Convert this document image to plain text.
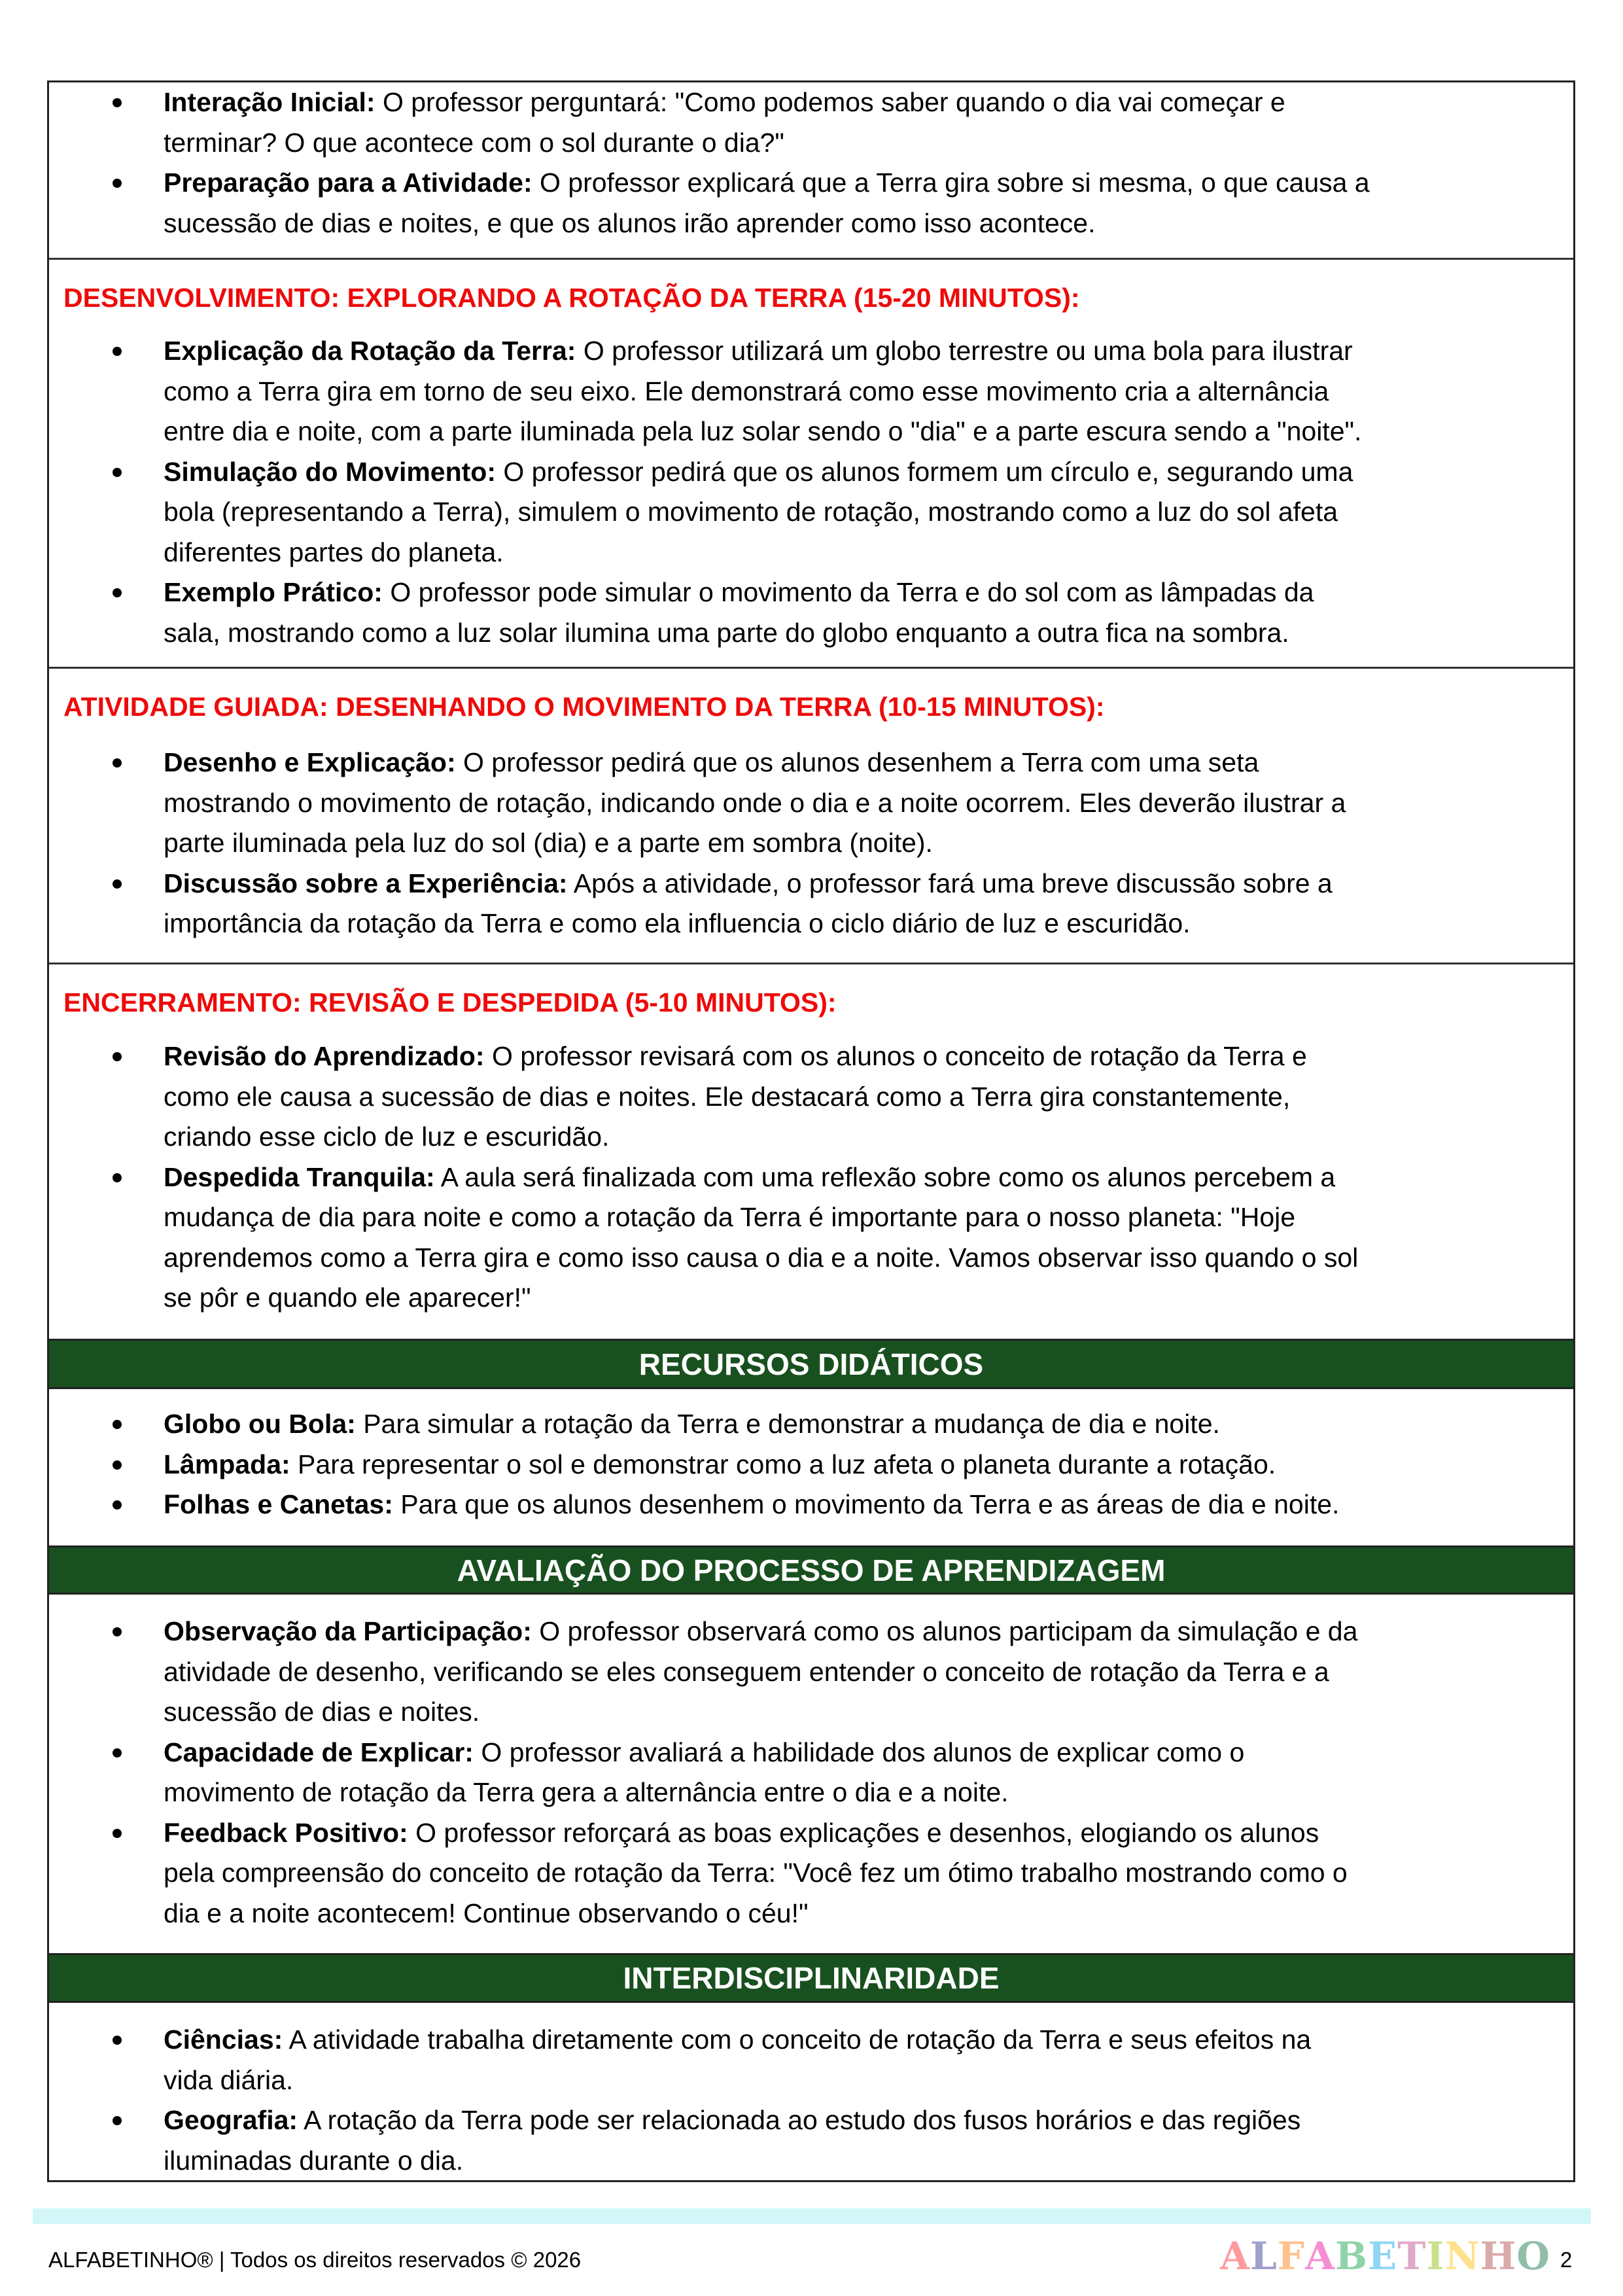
Interação Inicial: O professor perguntará: "Como podemos saber quando o dia vai começar e
terminar? O que acontece com o sol durante o dia?"
Preparação para a Atividade: O professor explicará que a Terra gira sobre si mesma, o que causa a
sucessão de dias e noites, e que os alunos irão aprender como isso acontece.
DESENVOLVIMENTO: EXPLORANDO A ROTAÇÃO DA TERRA (15-20 MINUTOS):
Explicação da Rotação da Terra: O professor utilizará um globo terrestre ou uma bola para ilustrar
como a Terra gira em torno de seu eixo. Ele demonstrará como esse movimento cria a alternância
entre dia e noite, com a parte iluminada pela luz solar sendo o "dia" e a parte escura sendo a "noite".
Simulação do Movimento: O professor pedirá que os alunos formem um círculo e, segurando uma
bola (representando a Terra), simulem o movimento de rotação, mostrando como a luz do sol afeta
diferentes partes do planeta.
Exemplo Prático: O professor pode simular o movimento da Terra e do sol com as lâmpadas da
sala, mostrando como a luz solar ilumina uma parte do globo enquanto a outra fica na sombra.
ATIVIDADE GUIADA: DESENHANDO O MOVIMENTO DA TERRA (10-15 MINUTOS):
Desenho e Explicação: O professor pedirá que os alunos desenhem a Terra com uma seta
mostrando o movimento de rotação, indicando onde o dia e a noite ocorrem. Eles deverão ilustrar a
parte iluminada pela luz do sol (dia) e a parte em sombra (noite).
Discussão sobre a Experiência: Após a atividade, o professor fará uma breve discussão sobre a
importância da rotação da Terra e como ela influencia o ciclo diário de luz e escuridão.
ENCERRAMENTO: REVISÃO E DESPEDIDA (5-10 MINUTOS):
Revisão do Aprendizado: O professor revisará com os alunos o conceito de rotação da Terra e
como ele causa a sucessão de dias e noites. Ele destacará como a Terra gira constantemente,
criando esse ciclo de luz e escuridão.
Despedida Tranquila: A aula será finalizada com uma reflexão sobre como os alunos percebem a
mudança de dia para noite e como a rotação da Terra é importante para o nosso planeta: "Hoje
aprendemos como a Terra gira e como isso causa o dia e a noite. Vamos observar isso quando o sol
se pôr e quando ele aparecer!"
RECURSOS DIDÁTICOS
Globo ou Bola: Para simular a rotação da Terra e demonstrar a mudança de dia e noite.
Lâmpada: Para representar o sol e demonstrar como a luz afeta o planeta durante a rotação.
Folhas e Canetas: Para que os alunos desenhem o movimento da Terra e as áreas de dia e noite.
AVALIAÇÃO DO PROCESSO DE APRENDIZAGEM
Observação da Participação: O professor observará como os alunos participam da simulação e da
atividade de desenho, verificando se eles conseguem entender o conceito de rotação da Terra e a
sucessão de dias e noites.
Capacidade de Explicar: O professor avaliará a habilidade dos alunos de explicar como o
movimento de rotação da Terra gera a alternância entre o dia e a noite.
Feedback Positivo: O professor reforçará as boas explicações e desenhos, elogiando os alunos
pela compreensão do conceito de rotação da Terra: "Você fez um ótimo trabalho mostrando como o
dia e a noite acontecem! Continue observando o céu!"
INTERDISCIPLINARIDADE
Ciências: A atividade trabalha diretamente com o conceito de rotação da Terra e seus efeitos na
vida diária.
Geografia: A rotação da Terra pode ser relacionada ao estudo dos fusos horários e das regiões
iluminadas durante o dia.
ALFABETINHO® | Todos os direitos reservados © 2026	ALFABETINHO 2
